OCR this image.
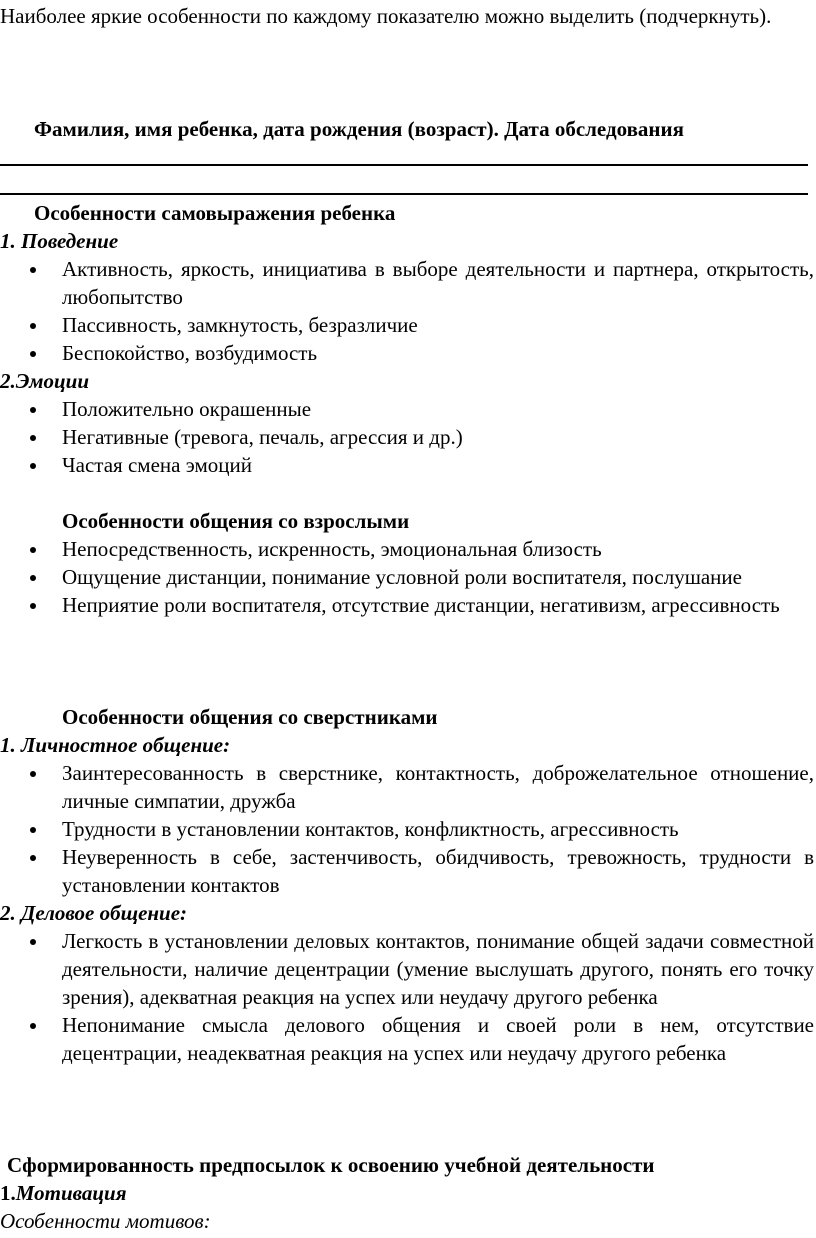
Наиболее яркие особенности по каждому показателю можно выделить (подчеркнуть).

Фамилия, имя ребенка, дата рождения (возраст). Дата обследования

Особенности самовыражения ребенка

1. Поведение

Активность, яркость, инициатива в выборе деятельности и партнера, открытость, любопытство
Пассивность, замкнутость, безразличие
Беспокойство, возбудимость

2.Эмоции

Положительно окрашенные
Негативные (тревога, печаль, агрессия и др.)
Частая смена эмоций

Особенности общения со взрослыми

Непосредственность, искренность, эмоциональная близость
Ощущение дистанции, понимание условной роли воспитателя, послушание
Неприятие роли воспитателя, отсутствие дистанции, негативизм, агрессивность

Особенности общения со сверстниками

1. Личностное общение:

Заинтересованность в сверстнике, контактность, доброжелательное отношение, личные симпатии, дружба
Трудности в установлении контактов, конфликтность, агрессивность
Неуверенность в себе, застенчивость, обидчивость, тревожность, трудности в установлении контактов

2. Деловое общение:

Легкость в установлении деловых контактов, понимание общей задачи совместной деятельности, наличие децентрации (умение выслушать другого, понять его точку зрения), адекватная реакция на успех или неудачу другого ребенка
Непонимание смысла делового общения и своей роли в нем, отсутствие децентрации, неадекватная реакция на успех или неудачу другого ребенка

Сформированность предпосылок к освоению учебной деятельности

1.Мотивация

Особенности мотивов:
